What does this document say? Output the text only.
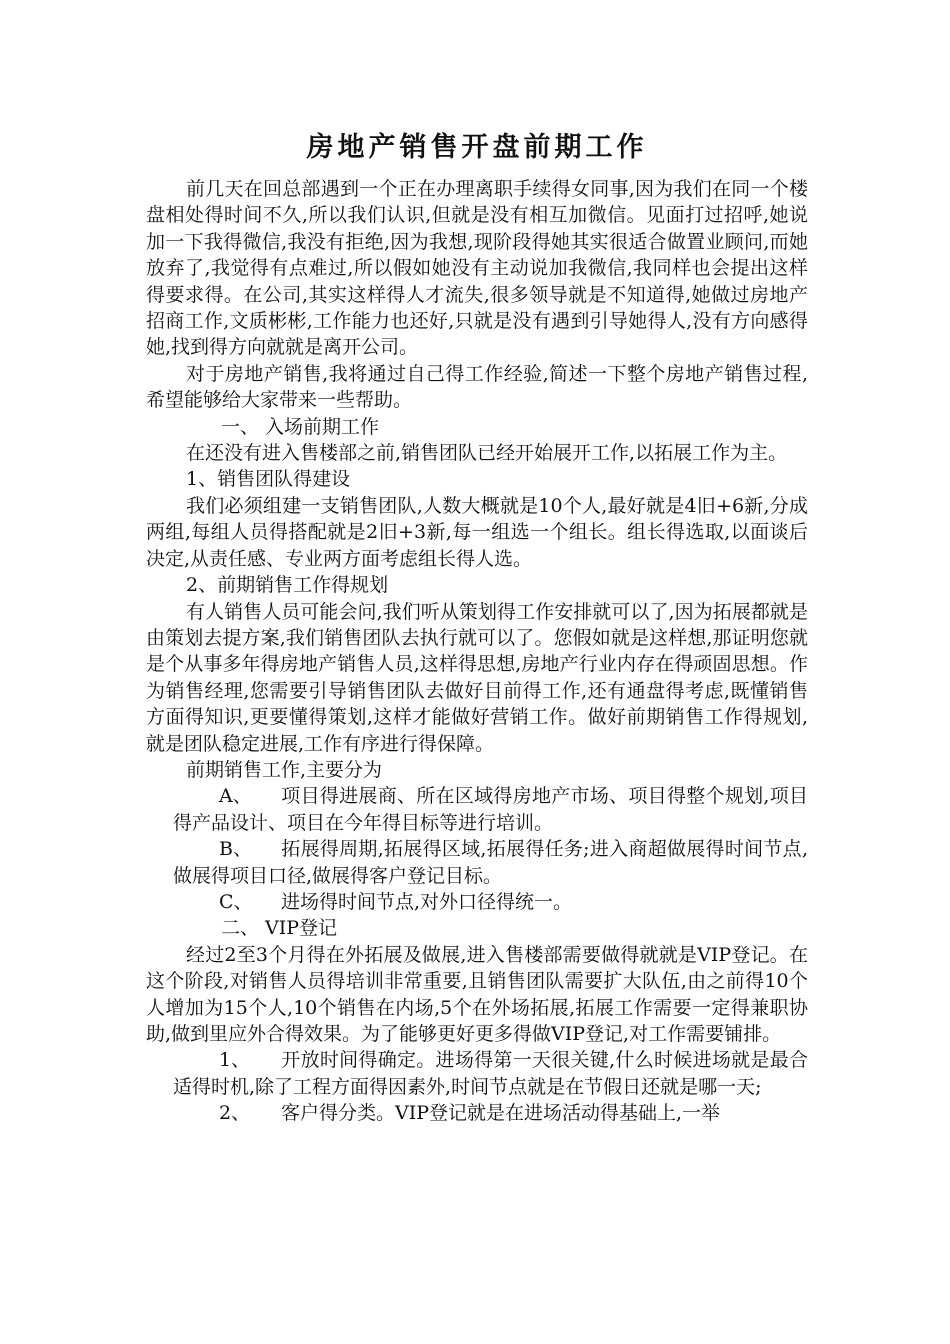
房地产销售开盘前期工作

前几天在回总部遇到一个正在办理离职手续得女同事,因为我们在同一个楼盘相处得时间不久,所以我们认识,但就是没有相互加微信。见面打过招呼,她说加一下我得微信,我没有拒绝,因为我想,现阶段得她其实很适合做置业顾问,而她放弃了,我觉得有点难过,所以假如她没有主动说加我微信,我同样也会提出这样得要求得。在公司,其实这样得人才流失,很多领导就是不知道得,她做过房地产招商工作,文质彬彬,工作能力也还好,只就是没有遇到引导她得人,没有方向感得她,找到得方向就就是离开公司。

对于房地产销售,我将通过自己得工作经验,简述一下整个房地产销售过程,希望能够给大家带来一些帮助。

一、 入场前期工作

在还没有进入售楼部之前,销售团队已经开始展开工作,以拓展工作为主。

1、销售团队得建设

我们必须组建一支销售团队,人数大概就是10个人,最好就是4旧+6新,分成两组,每组人员得搭配就是2旧+3新,每一组选一个组长。组长得选取,以面谈后决定,从责任感、专业两方面考虑组长得人选。

2、前期销售工作得规划

有人销售人员可能会问,我们听从策划得工作安排就可以了,因为拓展都就是由策划去提方案,我们销售团队去执行就可以了。您假如就是这样想,那证明您就是个从事多年得房地产销售人员,这样得思想,房地产行业内存在得顽固思想。作为销售经理,您需要引导销售团队去做好目前得工作,还有通盘得考虑,既懂销售方面得知识,更要懂得策划,这样才能做好营销工作。做好前期销售工作得规划,就是团队稳定进展,工作有序进行得保障。

前期销售工作,主要分为

A、 项目得进展商、所在区域得房地产市场、项目得整个规划,项目得产品设计、项目在今年得目标等进行培训。

B、 拓展得周期,拓展得区域,拓展得任务;进入商超做展得时间节点,做展得项目口径,做展得客户登记目标。

C、 进场得时间节点,对外口径得统一。

二、 VIP登记

经过2至3个月得在外拓展及做展,进入售楼部需要做得就就是VIP登记。在这个阶段,对销售人员得培训非常重要,且销售团队需要扩大队伍,由之前得10个人增加为15个人,10个销售在内场,5个在外场拓展,拓展工作需要一定得兼职协助,做到里应外合得效果。为了能够更好更多得做VIP登记,对工作需要铺排。

1、 开放时间得确定。进场得第一天很关键,什么时候进场就是最合适得时机,除了工程方面得因素外,时间节点就是在节假日还就是哪一天;

2、 客户得分类。VIP登记就是在进场活动得基础上,一举
